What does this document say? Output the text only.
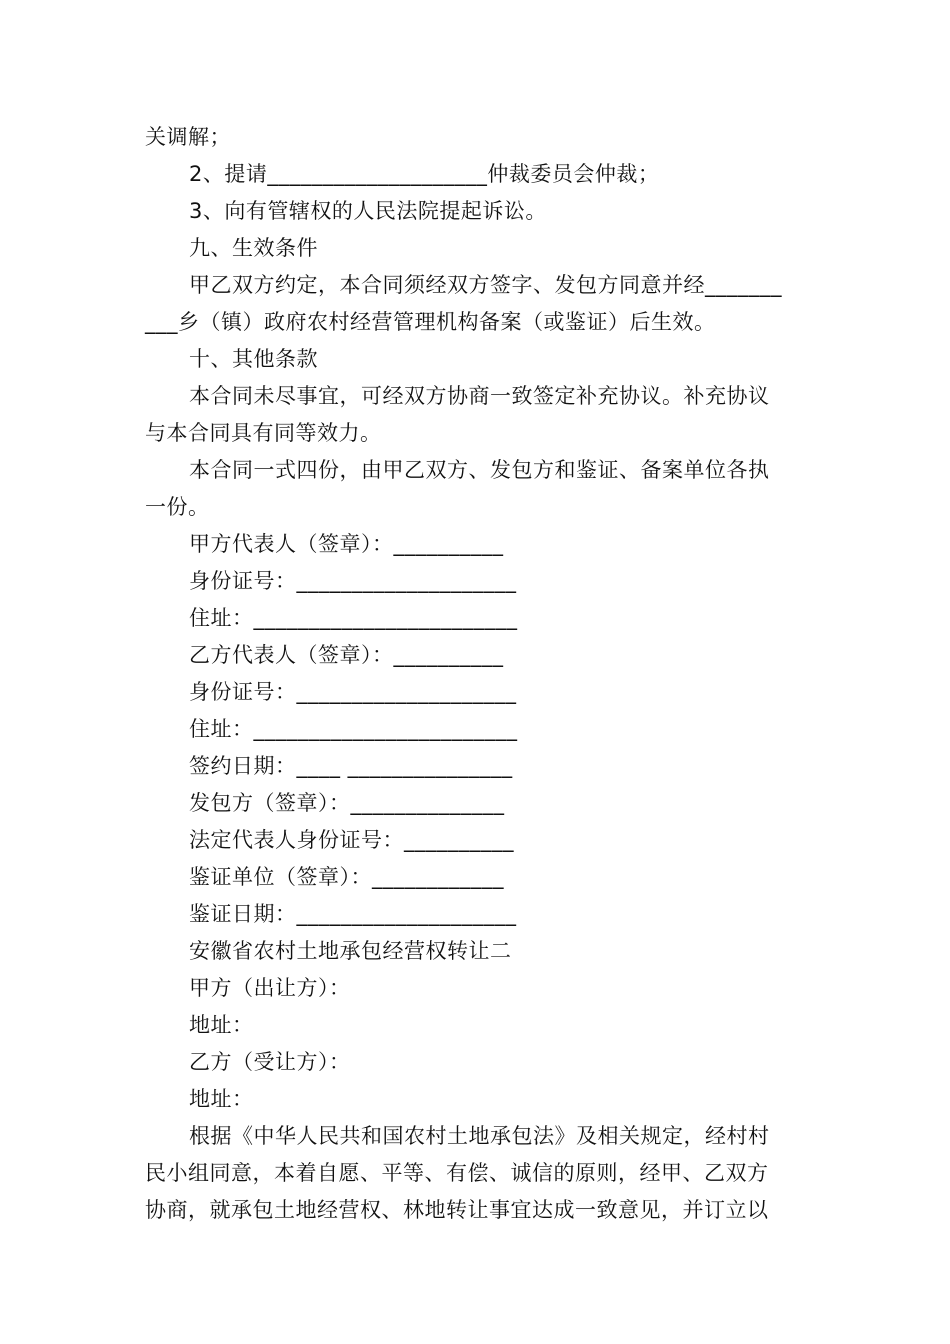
关调解；
2、提请____________________仲裁委员会仲裁；
3、向有管辖权的人民法院提起诉讼。
九、生效条件
甲乙双方约定，本合同须经双方签字、发包方同意并经_______
___乡（镇）政府农村经营管理机构备案（或鉴证）后生效。
十、其他条款
本合同未尽事宜，可经双方协商一致签定补充协议。补充协议
与本合同具有同等效力。
本合同一式四份，由甲乙双方、发包方和鉴证、备案单位各执
一份。
甲方代表人（签章）：__________
身份证号：____________________
住址：________________________
乙方代表人（签章）：__________
身份证号：____________________
住址：________________________
签约日期：____ _______________
发包方（签章）：______________
法定代表人身份证号：__________
鉴证单位（签章）：____________
鉴证日期：____________________
安徽省农村土地承包经营权转让二
甲方（出让方）：
地址：
乙方（受让方）：
地址：
根据《中华人民共和国农村土地承包法》及相关规定，经村村
民小组同意，本着自愿、平等、有偿、诚信的原则，经甲、乙双方
协商，就承包土地经营权、林地转让事宜达成一致意见，并订立以
